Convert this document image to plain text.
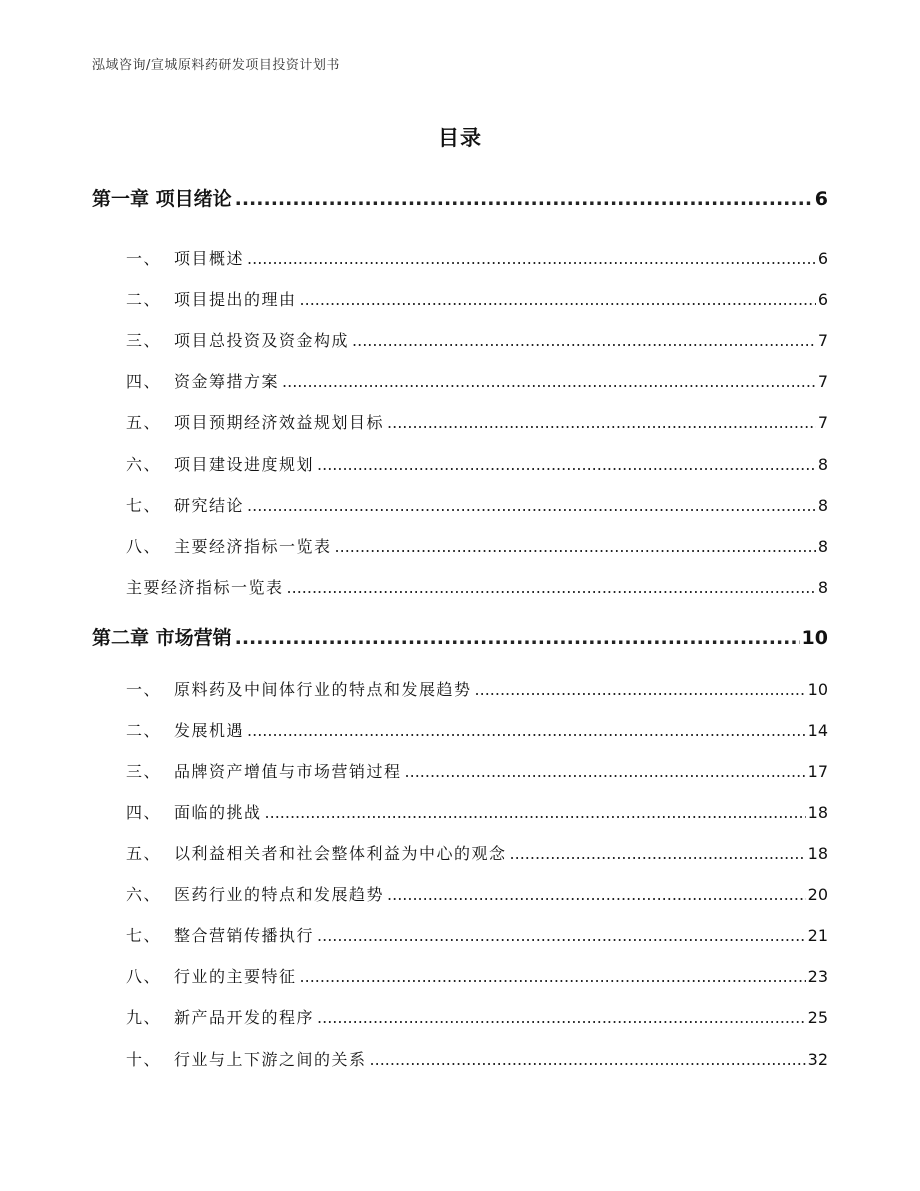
泓域咨询/宣城原料药研发项目投资计划书
目录
第一章 项目绪论 .....	6
一、 项目概述 .....	6
二、 项目提出的理由 .....	6
三、 项目总投资及资金构成 .....	7
四、 资金筹措方案 .....	7
五、 项目预期经济效益规划目标 .....	7
六、 项目建设进度规划 .....	8
七、 研究结论 .....	8
八、 主要经济指标一览表 .....	8
主要经济指标一览表 .....	8
第二章 市场营销 .....	10
一、 原料药及中间体行业的特点和发展趋势 .....	10
二、 发展机遇 .....	14
三、 品牌资产增值与市场营销过程 .....	17
四、 面临的挑战 .....	18
五、 以利益相关者和社会整体利益为中心的观念 .....	18
六、 医药行业的特点和发展趋势 .....	20
七、 整合营销传播执行 .....	21
八、 行业的主要特征 .....	23
九、 新产品开发的程序 .....	25
十、 行业与上下游之间的关系 .....	32
